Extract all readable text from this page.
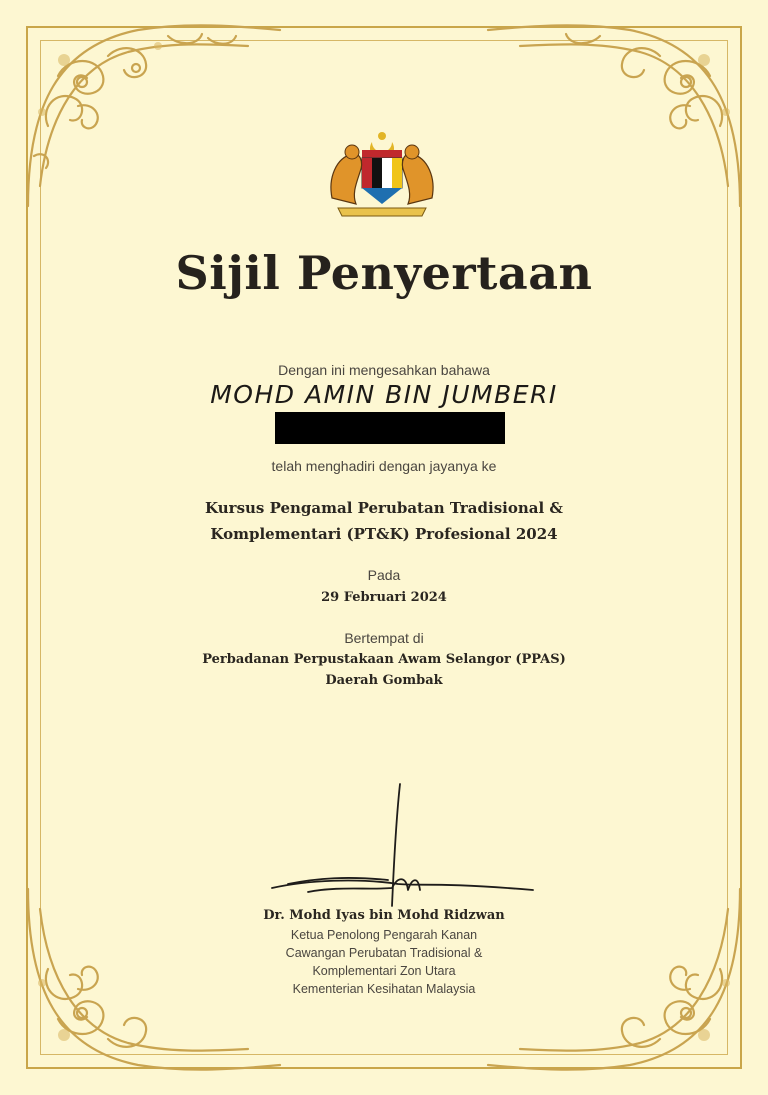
Sijil Penyertaan
Dengan ini mengesahkan bahawa
MOHD AMIN BIN JUMBERI
telah menghadiri dengan jayanya ke
Kursus Pengamal Perubatan Tradisional &
Komplementari (PT&K) Profesional 2024
Pada
29 Februari 2024
Bertempat di
Perbadanan Perpustakaan Awam Selangor (PPAS)
Daerah Gombak
Dr. Mohd Iyas bin Mohd Ridzwan
Ketua Penolong Pengarah Kanan
Cawangan Perubatan Tradisional &
Komplementari Zon Utara
Kementerian Kesihatan Malaysia
